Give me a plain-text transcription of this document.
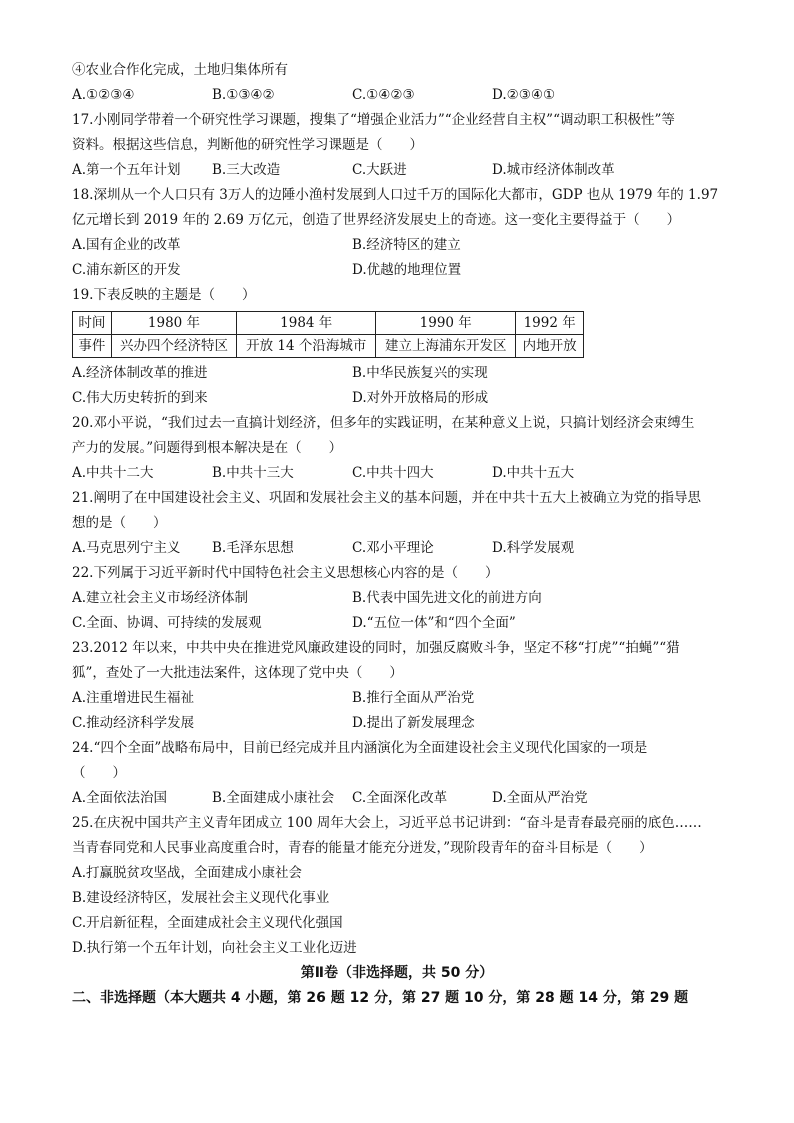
④农业合作化完成，土地归集体所有
A.①②③④	B.①③④②	C.①④②③	D.②③④①
17.小刚同学带着一个研究性学习课题，搜集了“增强企业活力”“企业经营自主权”“调动职工积极性”等
资料。根据这些信息，判断他的研究性学习课题是（　　）
A.第一个五年计划	B.三大改造	C.大跃进	D.城市经济体制改革
18.深圳从一个人口只有 3万人的边陲小渔村发展到人口过千万的国际化大都市，GDP 也从 1979 年的 1.97
亿元增长到 2019 年的 2.69 万亿元，创造了世界经济发展史上的奇迹。这一变化主要得益于（　　）
A.国有企业的改革	B.经济特区的建立
C.浦东新区的开发	D.优越的地理位置
19.下表反映的主题是（　　）
时间	1980 年	1984 年	1990 年	1992 年
事件	兴办四个经济特区	开放 14 个沿海城市	建立上海浦东开发区	内地开放
A.经济体制改革的推进	B.中华民族复兴的实现
C.伟大历史转折的到来	D.对外开放格局的形成
20.邓小平说，“我们过去一直搞计划经济，但多年的实践证明，在某种意义上说，只搞计划经济会束缚生
产力的发展。”问题得到根本解决是在（　　）
A.中共十二大	B.中共十三大	C.中共十四大	D.中共十五大
21.阐明了在中国建设社会主义、巩固和发展社会主义的基本问题，并在中共十五大上被确立为党的指导思
想的是（　　）
A.马克思列宁主义	B.毛泽东思想	C.邓小平理论	D.科学发展观
22.下列属于习近平新时代中国特色社会主义思想核心内容的是（　　）
A.建立社会主义市场经济体制	B.代表中国先进文化的前进方向
C.全面、协调、可持续的发展观	D.“五位一体”和“四个全面”
23.2012 年以来，中共中央在推进党风廉政建设的同时，加强反腐败斗争，坚定不移“打虎”“拍蝇”“猎
狐”，查处了一大批违法案件，这体现了党中央（　　）
A.注重增进民生福祉	B.推行全面从严治党
C.推动经济科学发展	D.提出了新发展理念
24.“四个全面”战略布局中，目前已经完成并且内涵演化为全面建设社会主义现代化国家的一项是
（　　）
A.全面依法治国	B.全面建成小康社会	C.全面深化改革	D.全面从严治党
25.在庆祝中国共产主义青年团成立 100 周年大会上，习近平总书记讲到：“奋斗是青春最亮丽的底色……
当青春同党和人民事业高度重合时，青春的能量才能充分迸发，”现阶段青年的奋斗目标是（　　）
A.打赢脱贫攻坚战，全面建成小康社会
B.建设经济特区，发展社会主义现代化事业
C.开启新征程，全面建成社会主义现代化强国
D.执行第一个五年计划，向社会主义工业化迈进
第Ⅱ卷（非选择题，共 50 分）
二、非选择题（本大题共 4 小题，第 26 题 12 分，第 27 题 10 分，第 28 题 14 分，第 29 题
